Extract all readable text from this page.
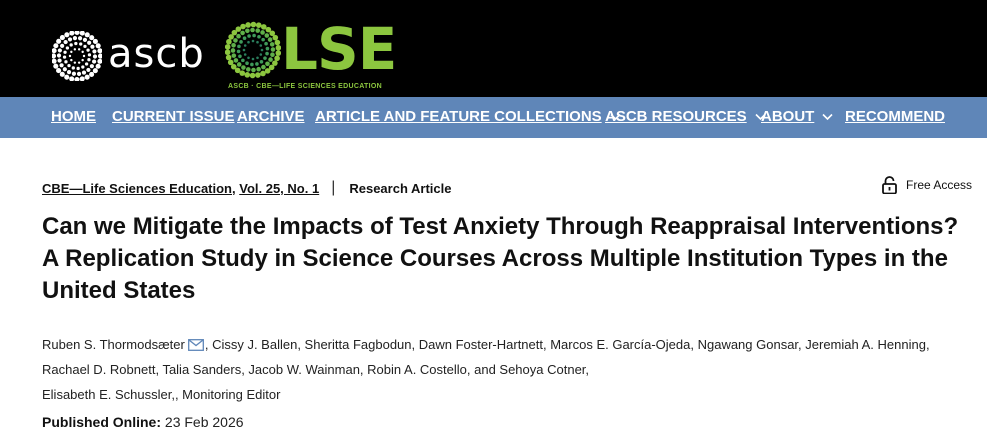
ascb LSE
ASCB · CBE—LIFE SCIENCES EDUCATION
HOME CURRENT ISSUE ARCHIVE ARTICLE AND FEATURE COLLECTIONS ASCB RESOURCES ABOUT RECOMMEND
CBE—Life Sciences Education , Vol. 25, No. 1 | Research Article	Free Access
Can we Mitigate the Impacts of Test Anxiety Through Reappraisal Interventions? A Replication Study in Science Courses Across Multiple Institution Types in the United States
Ruben S. Thormodsæter , Cissy J. Ballen, Sheritta Fagbodun, Dawn Foster-Hartnett, Marcos E. García-Ojeda, Ngawang Gonsar, Jeremiah A. Henning,
Rachael D. Robnett, Talia Sanders, Jacob W. Wainman, Robin A. Costello, and Sehoya Cotner,
Elisabeth E. Schussler,, Monitoring Editor
Published Online: 23 Feb 2026
